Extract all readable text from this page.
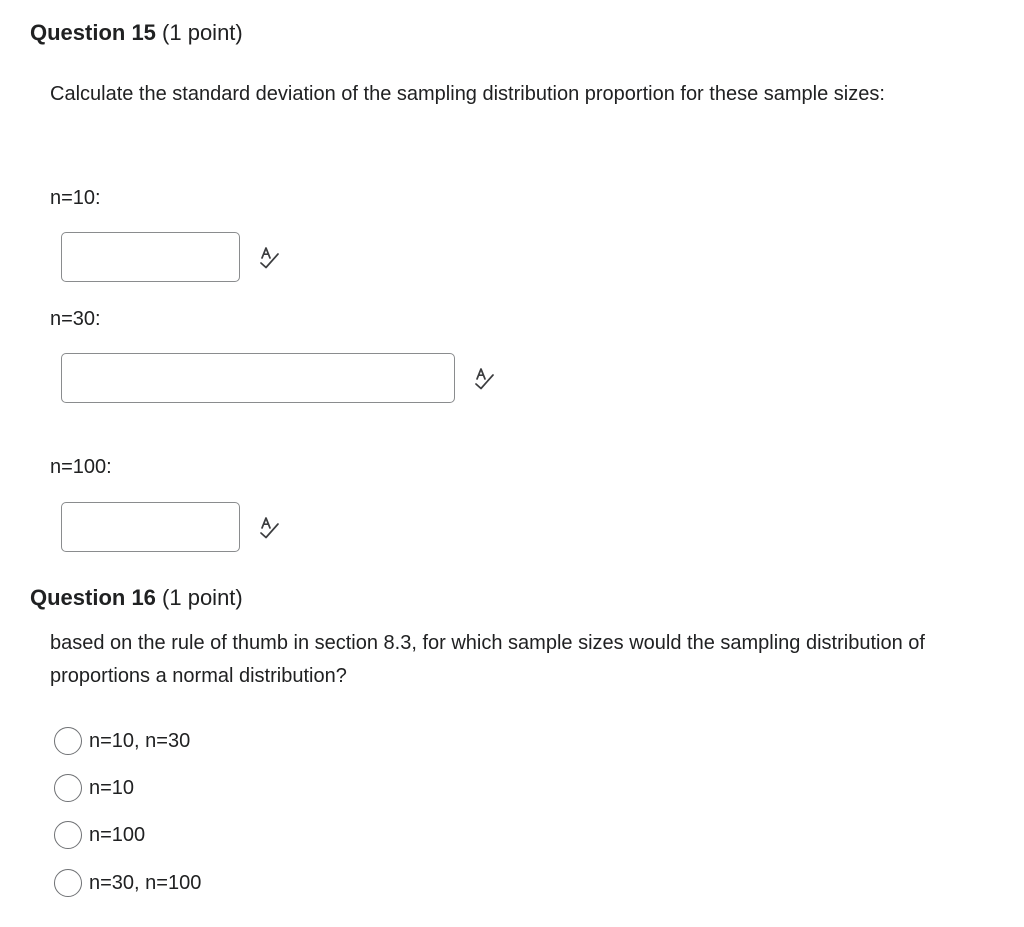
Question 15 (1 point)
Calculate the standard deviation of the sampling distribution proportion for these sample sizes:
n=10:
n=30:
n=100:
Question 16 (1 point)
based on the rule of thumb in section 8.3, for which sample sizes would the sampling distribution of proportions a normal distribution?
n=10, n=30
n=10
n=100
n=30, n=100
